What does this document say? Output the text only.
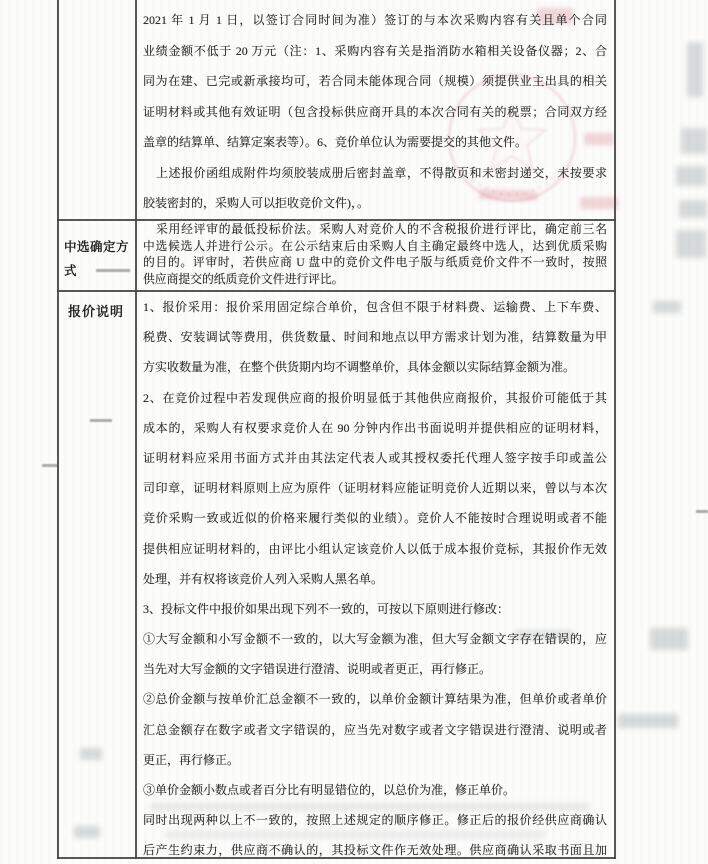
2021 年 1 月 1 日，以签订合同时间为准）签订的与本次采购内容有关且单个合同
业绩金额不低于 20 万元（注：1、采购内容有关是指消防水箱相关设备仪器；2、合
同为在建、已完或新承接均可，若合同未能体现合同（规模）须提供业主出具的相关
证明材料或其他有效证明（包含投标供应商开具的本次合同有关的税票；合同双方经
盖章的结算单、结算定案表等）。6、竞价单位认为需要提交的其他文件。
上述报价函组成附件均须胶装成册后密封盖章，不得散页和未密封递交，未按要求
胶装密封的，采购人可以拒收竞价文件)，。
中选确定方
式
采用经评审的最低投标价法。采购人对竞价人的不含税报价进行评比，确定前三名
中选候选人并进行公示。在公示结束后由采购人自主确定最终中选人，达到优质采购
的目的。评审时，若供应商 U 盘中的竞价文件电子版与纸质竞价文件不一致时，按照
供应商提交的纸质竞价文件进行评比。
报价说明 1、报价采用：报价采用固定综合单价，包含但不限于材料费、运输费、上下车费、
税费、安装调试等费用，供货数量、时间和地点以甲方需求计划为准，结算数量为甲
方实收数量为准，在整个供货期内均不调整单价，具体金额以实际结算金额为准。
2、在竞价过程中若发现供应商的报价明显低于其他供应商报价，其报价可能低于其
成本的，采购人有权要求竞价人在 90 分钟内作出书面说明并提供相应的证明材料，
证明材料应采用书面方式并由其法定代表人或其授权委托代理人签字按手印或盖公
司印章，证明材料原则上应为原件（证明材料应能证明竞价人近期以来，曾以与本次
竞价采购一致或近似的价格来履行类似的业绩）。竞价人不能按时合理说明或者不能
提供相应证明材料的，由评比小组认定该竞价人以低于成本报价竞标，其报价作无效
处理，并有权将该竞价人列入采购人黑名单。
3、投标文件中报价如果出现下列不一致的，可按以下原则进行修改：
①大写金额和小写金额不一致的，以大写金额为准，但大写金额文字存在错误的，应
当先对大写金额的文字错误进行澄清、说明或者更正，再行修正。
②总价金额与按单价汇总金额不一致的，以单价金额计算结果为准，但单价或者单价
汇总金额存在数字或者文字错误的，应当先对数字或者文字错误进行澄清、说明或者
更正，再行修正。
③单价金额小数点或者百分比有明显错位的，以总价为准，修正单价。
同时出现两种以上不一致的，按照上述规定的顺序修正。修正后的报价经供应商确认
后产生约束力，供应商不确认的，其投标文件作无效处理。供应商确认采取书面且加
